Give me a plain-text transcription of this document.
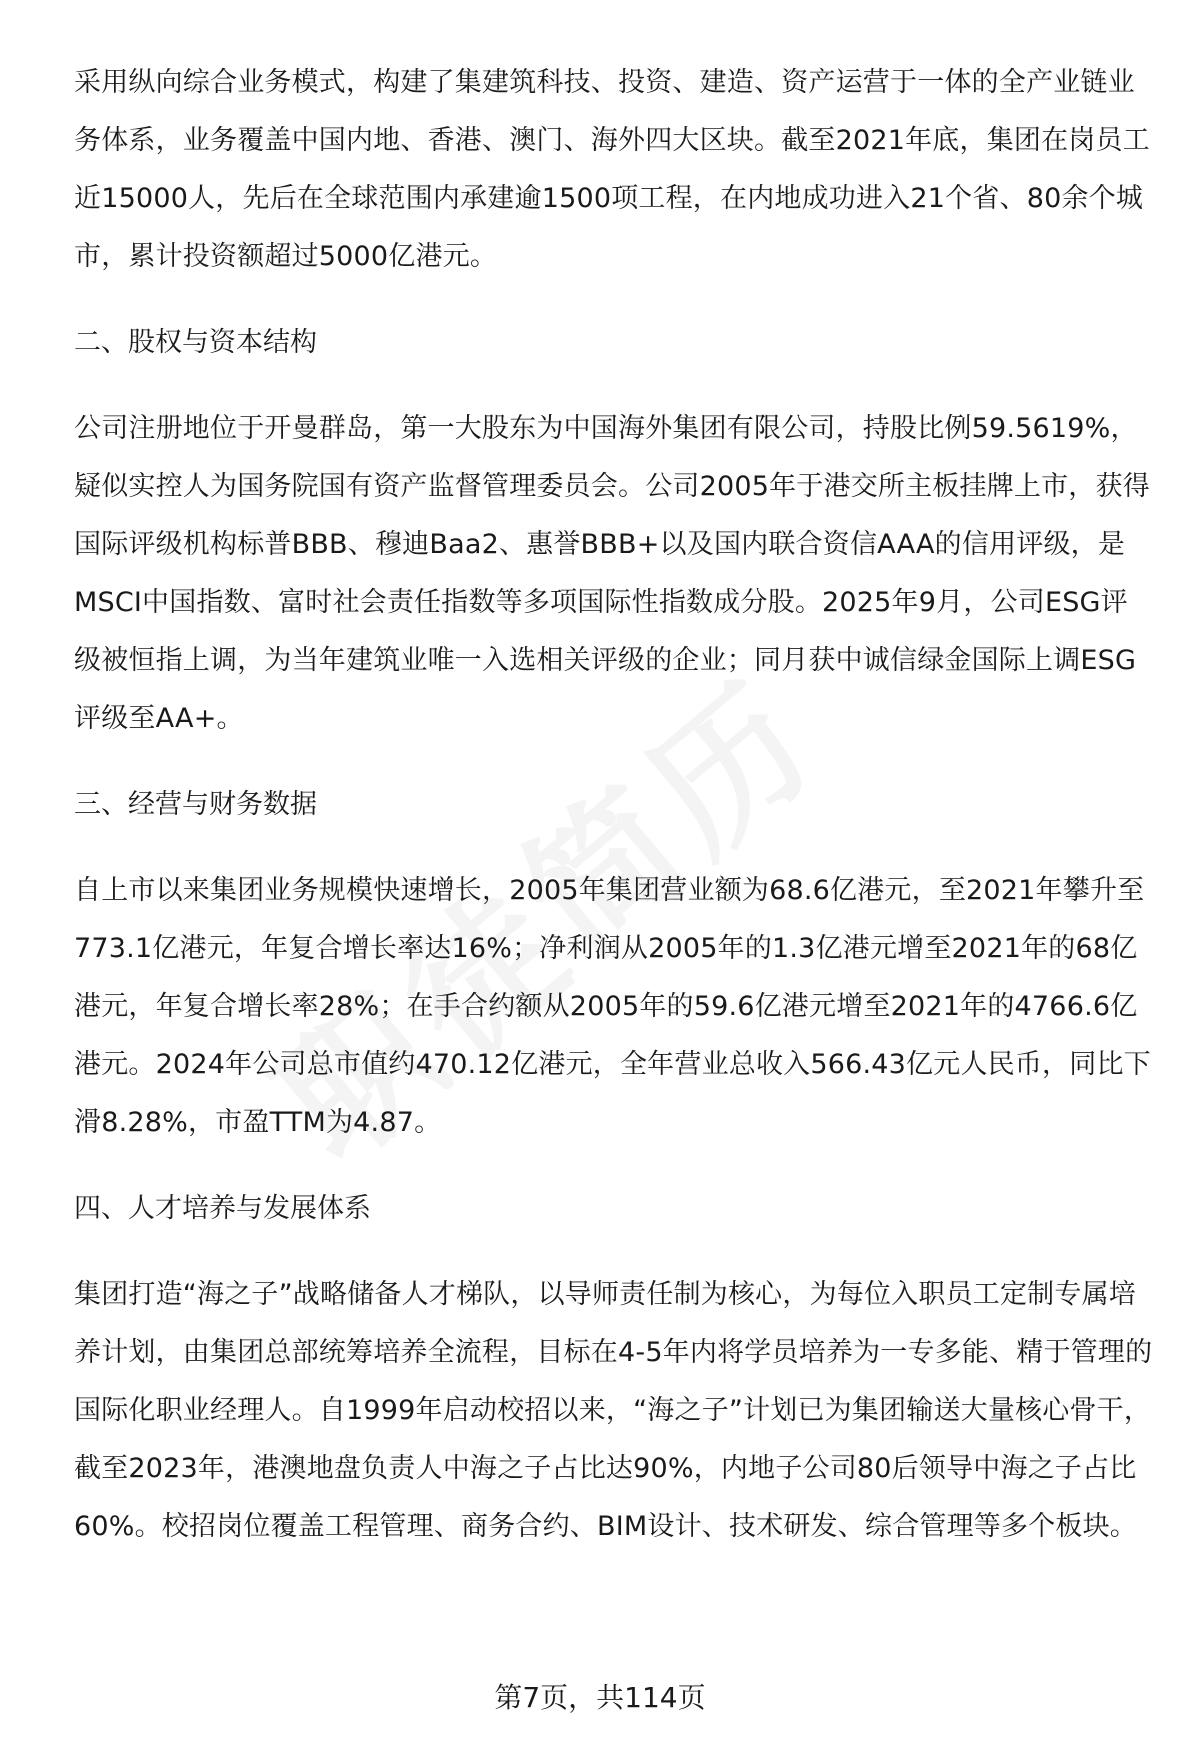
采用纵向综合业务模式，构建了集建筑科技、投资、建造、资产运营于一体的全产业链业务体系，业务覆盖中国内地、香港、澳门、海外四大区块。截至2021年底，集团在岗员工近15000人，先后在全球范围内承建逾1500项工程，在内地成功进入21个省、80余个城市，累计投资额超过5000亿港元。

二、股权与资本结构

公司注册地位于开曼群岛，第一大股东为中国海外集团有限公司，持股比例59.5619%，疑似实控人为国务院国有资产监督管理委员会。公司2005年于港交所主板挂牌上市，获得国际评级机构标普BBB、穆迪Baa2、惠誉BBB+以及国内联合资信AAA的信用评级，是MSCI中国指数、富时社会责任指数等多项国际性指数成分股。2025年9月，公司ESG评级被恒指上调，为当年建筑业唯一入选相关评级的企业；同月获中诚信绿金国际上调ESG评级至AA+。

三、经营与财务数据

自上市以来集团业务规模快速增长，2005年集团营业额为68.6亿港元，至2021年攀升至773.1亿港元，年复合增长率达16%；净利润从2005年的1.3亿港元增至2021年的68亿港元，年复合增长率28%；在手合约额从2005年的59.6亿港元增至2021年的4766.6亿港元。2024年公司总市值约470.12亿港元，全年营业总收入566.43亿元人民币，同比下滑8.28%，市盈TTM为4.87。

四、人才培养与发展体系

集团打造“海之子”战略储备人才梯队，以导师责任制为核心，为每位入职员工定制专属培养计划，由集团总部统筹培养全流程，目标在4-5年内将学员培养为一专多能、精于管理的国际化职业经理人。自1999年启动校招以来，“海之子”计划已为集团输送大量核心骨干，截至2023年，港澳地盘负责人中海之子占比达90%，内地子公司80后领导中海之子占比60%。校招岗位覆盖工程管理、商务合约、BIM设计、技术研发、综合管理等多个板块。

第7页，共114页
